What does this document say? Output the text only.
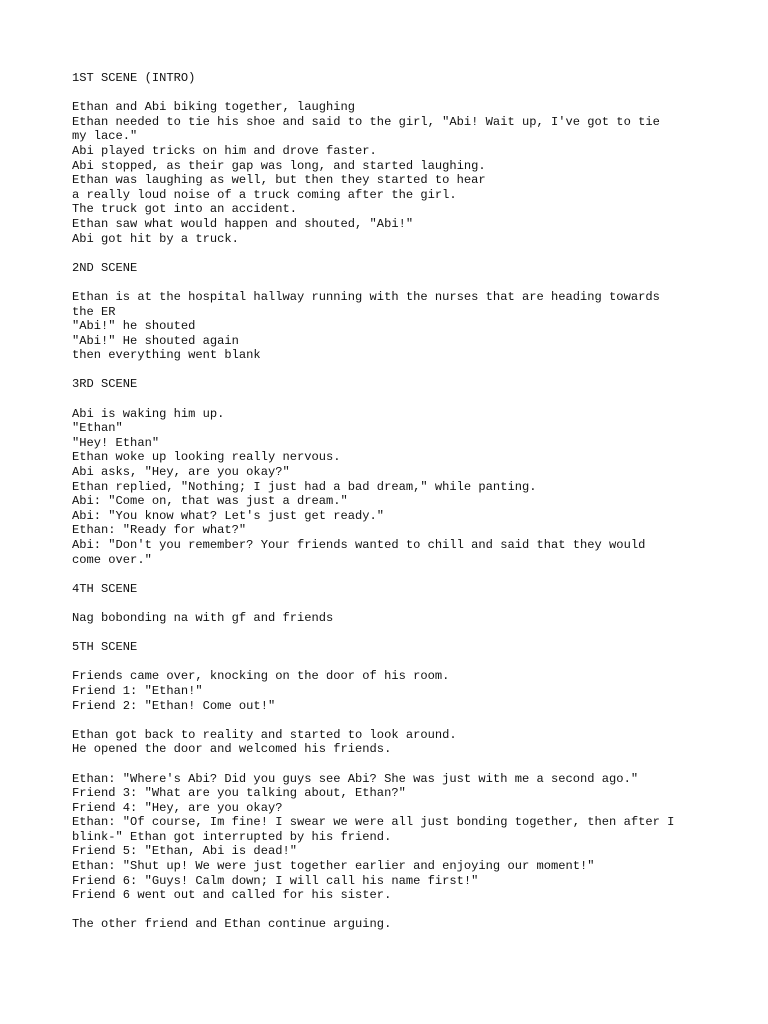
1ST SCENE (INTRO)
Ethan and Abi biking together, laughing
Ethan needed to tie his shoe and said to the girl, "Abi! Wait up, I've got to tie
my lace."
Abi played tricks on him and drove faster.
Abi stopped, as their gap was long, and started laughing.
Ethan was laughing as well, but then they started to hear
a really loud noise of a truck coming after the girl.
The truck got into an accident.
Ethan saw what would happen and shouted, "Abi!"
Abi got hit by a truck.
2ND SCENE
Ethan is at the hospital hallway running with the nurses that are heading towards
the ER
"Abi!" he shouted
"Abi!" He shouted again
then everything went blank
3RD SCENE
Abi is waking him up.
"Ethan"
"Hey! Ethan"
Ethan woke up looking really nervous.
Abi asks, "Hey, are you okay?"
Ethan replied, "Nothing; I just had a bad dream," while panting.
Abi: "Come on, that was just a dream."
Abi: "You know what? Let's just get ready."
Ethan: "Ready for what?"
Abi: "Don't you remember? Your friends wanted to chill and said that they would
come over."
4TH SCENE
Nag bobonding na with gf and friends
5TH SCENE
Friends came over, knocking on the door of his room.
Friend 1: "Ethan!"
Friend 2: "Ethan! Come out!"
Ethan got back to reality and started to look around.
He opened the door and welcomed his friends.
Ethan: "Where's Abi? Did you guys see Abi? She was just with me a second ago."
Friend 3: "What are you talking about, Ethan?"
Friend 4: "Hey, are you okay?
Ethan: "Of course, Im fine! I swear we were all just bonding together, then after I
blink-" Ethan got interrupted by his friend.
Friend 5: "Ethan, Abi is dead!"
Ethan: "Shut up! We were just together earlier and enjoying our moment!"
Friend 6: "Guys! Calm down; I will call his name first!"
Friend 6 went out and called for his sister.
The other friend and Ethan continue arguing.
